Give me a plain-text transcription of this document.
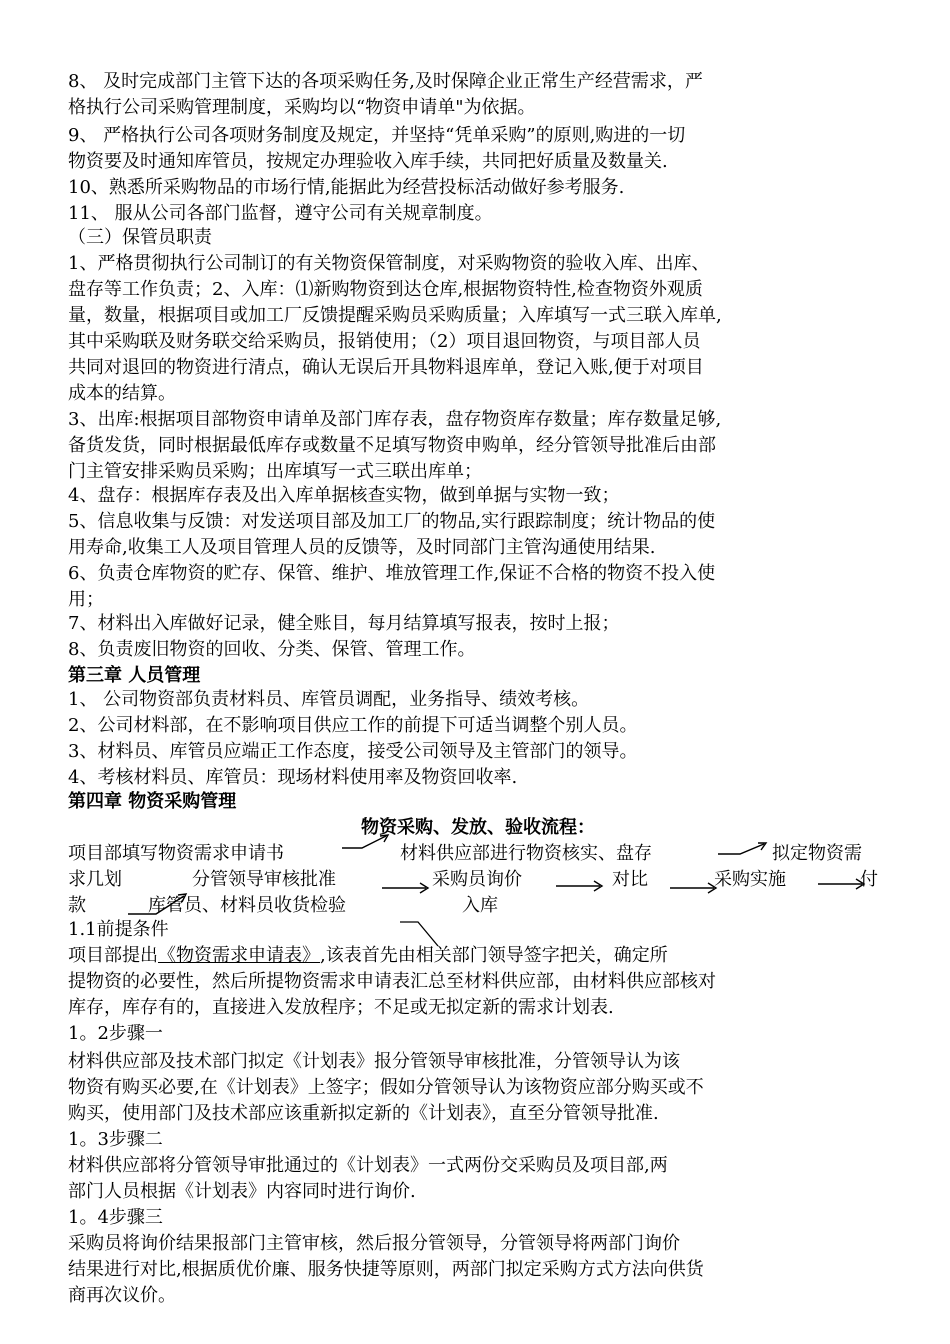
8、 及时完成部门主管下达的各项采购任务,及时保障企业正常生产经营需求，严
格执行公司采购管理制度，采购均以“物资申请单"为依据。
9、 严格执行公司各项财务制度及规定，并坚持“凭单采购”的原则,购进的一切
物资要及时通知库管员，按规定办理验收入库手续，共同把好质量及数量关.
10、熟悉所采购物品的市场行情,能据此为经营投标活动做好参考服务.
11、 服从公司各部门监督，遵守公司有关规章制度。
（三）保管员职责
1、严格贯彻执行公司制订的有关物资保管制度，对采购物资的验收入库、出库、
盘存等工作负责；2、入库：⑴新购物资到达仓库,根据物资特性,检查物资外观质
量，数量，根据项目或加工厂反馈提醒采购员采购质量；入库填写一式三联入库单,
其中采购联及财务联交给采购员，报销使用；（2）项目退回物资，与项目部人员
共同对退回的物资进行清点，确认无误后开具物料退库单，登记入账,便于对项目
成本的结算。
3、出库:根据项目部物资申请单及部门库存表，盘存物资库存数量；库存数量足够,
备货发货，同时根据最低库存或数量不足填写物资申购单，经分管领导批准后由部
门主管安排采购员采购；出库填写一式三联出库单；
4、盘存：根据库存表及出入库单据核查实物，做到单据与实物一致；
5、信息收集与反馈：对发送项目部及加工厂的物品,实行跟踪制度；统计物品的使
用寿命,收集工人及项目管理人员的反馈等，及时同部门主管沟通使用结果.
6、负责仓库物资的贮存、保管、维护、堆放管理工作,保证不合格的物资不投入使
用；
7、材料出入库做好记录，健全账目，每月结算填写报表，按时上报；
8、负责废旧物资的回收、分类、保管、管理工作。
第三章 人员管理
1、 公司物资部负责材料员、库管员调配，业务指导、绩效考核。
2、公司材料部，在不影响项目供应工作的前提下可适当调整个别人员。
3、材料员、库管员应端正工作态度，接受公司领导及主管部门的领导。
4、考核材料员、库管员：现场材料使用率及物资回收率.
第四章 物资采购管理
物资采购、发放、验收流程：
项目部填写物资需求申请书	材料供应部进行物资核实、盘存	拟定物资需
求几划	分管领导审核批准	采购员询价	对比	采购实施	付
款	库管员、材料员收货检验	入库
1.1前提条件
项目部提出《物资需求申请表》,该表首先由相关部门领导签字把关，确定所
提物资的必要性，然后所提物资需求申请表汇总至材料供应部，由材料供应部核对
库存，库存有的，直接进入发放程序；不足或无拟定新的需求计划表.
1。2步骤一
材料供应部及技术部门拟定《计划表》报分管领导审核批准，分管领导认为该
物资有购买必要,在《计划表》上签字；假如分管领导认为该物资应部分购买或不
购买，使用部门及技术部应该重新拟定新的《计划表》，直至分管领导批准.
1。3步骤二
材料供应部将分管领导审批通过的《计划表》一式两份交采购员及项目部,两
部门人员根据《计划表》内容同时进行询价.
1。4步骤三
采购员将询价结果报部门主管审核，然后报分管领导，分管领导将两部门询价
结果进行对比,根据质优价廉、服务快捷等原则，两部门拟定采购方式方法向供货
商再次议价。
